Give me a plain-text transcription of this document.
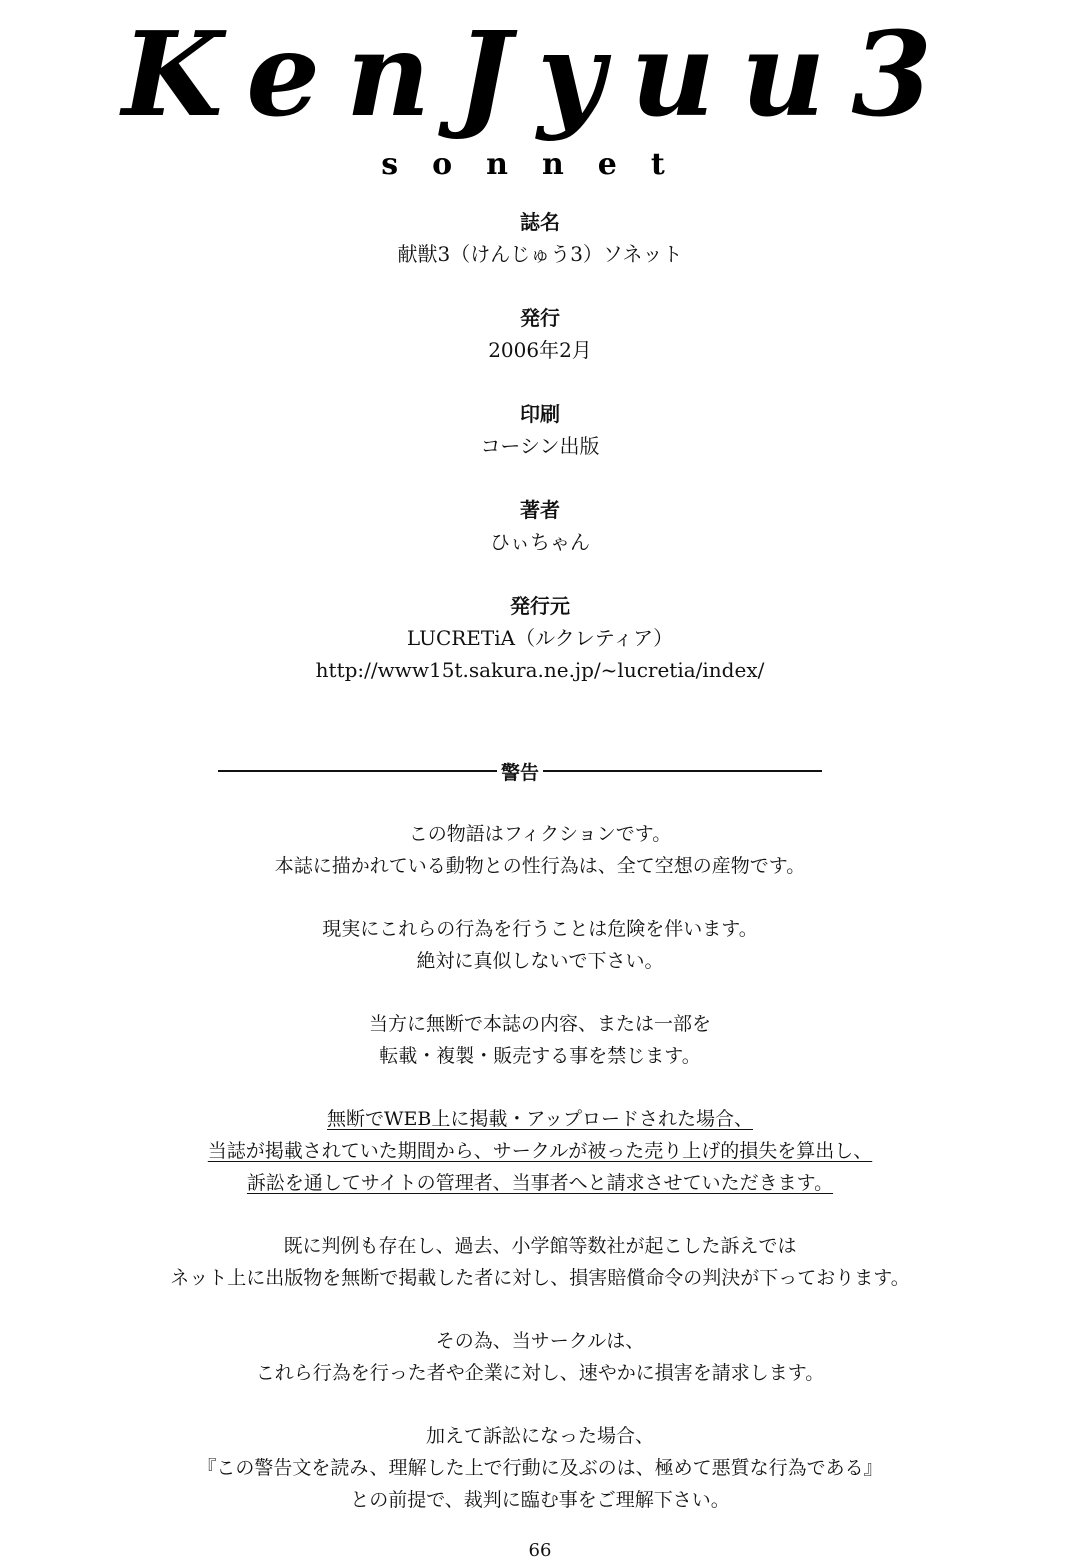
KenJyuu3
sonnet
誌名
献獣3（けんじゅう3）ソネット
発行
2006年2月
印刷
コーシン出版
著者
ひぃちゃん
発行元
LUCRETiA（ルクレティア）
http://www15t.sakura.ne.jp/~lucretia/index/
警告

この物語はフィクションです。
本誌に描かれている動物との性行為は、全て空想の産物です。

現実にこれらの行為を行うことは危険を伴います。
絶対に真似しないで下さい。

当方に無断で本誌の内容、または一部を
転載・複製・販売する事を禁じます。

無断でWEB上に掲載・アップロードされた場合、
当誌が掲載されていた期間から、サークルが被った売り上げ的損失を算出し、
訴訟を通してサイトの管理者、当事者へと請求させていただきます。

既に判例も存在し、過去、小学館等数社が起こした訴えでは
ネット上に出版物を無断で掲載した者に対し、損害賠償命令の判決が下っております。

その為、当サークルは、
これら行為を行った者や企業に対し、速やかに損害を請求します。

加えて訴訟になった場合、
『この警告文を読み、理解した上で行動に及ぶのは、極めて悪質な行為である』
との前提で、裁判に臨む事をご理解下さい。

66
